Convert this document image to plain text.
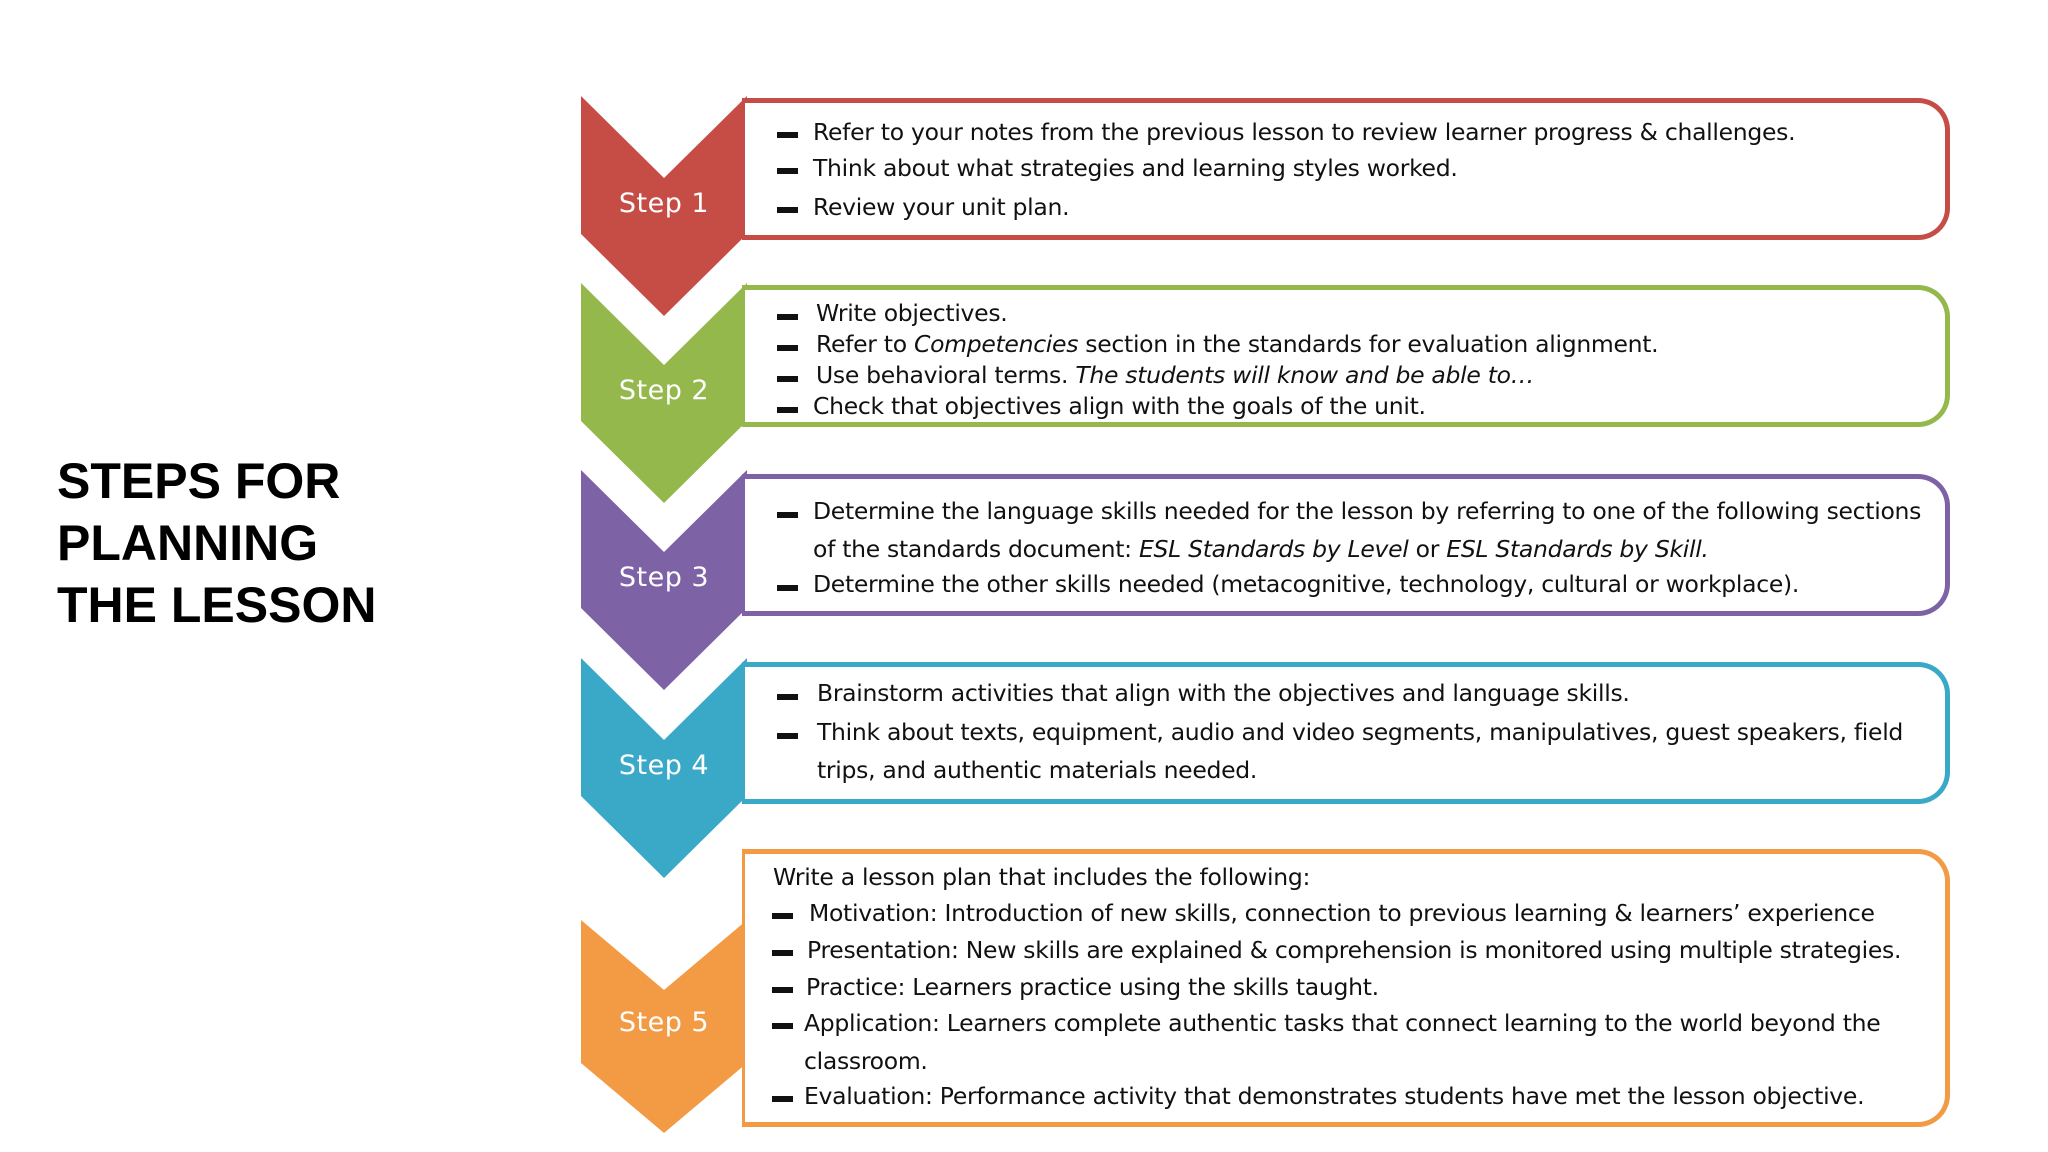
STEPS FOR
PLANNING
THE LESSON
Step 1
Refer to your notes from the previous lesson to review learner progress & challenges.
Think about what strategies and learning styles worked.
Review your unit plan.
Step 2
Write objectives.
Refer to Competencies section in the standards for evaluation alignment.
Use behavioral terms. The students will know and be able to…
Check that objectives align with the goals of the unit.
Step 3
Determine the language skills needed for the lesson by referring to one of the following sections
of the standards document: ESL Standards by Level or ESL Standards by Skill.
Determine the other skills needed (metacognitive, technology, cultural or workplace).
Step 4
Brainstorm activities that align with the objectives and language skills.
Think about texts, equipment, audio and video segments, manipulatives, guest speakers, field
trips, and authentic materials needed.
Step 5
Write a lesson plan that includes the following:
Motivation: Introduction of new skills, connection to previous learning & learners’ experience
Presentation: New skills are explained & comprehension is monitored using multiple strategies.
Practice: Learners practice using the skills taught.
Application: Learners complete authentic tasks that connect learning to the world beyond the
classroom.
Evaluation: Performance activity that demonstrates students have met the lesson objective.
